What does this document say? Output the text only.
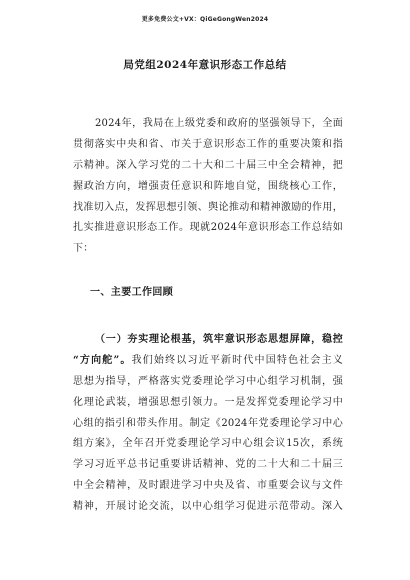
更多免费公文+VX：QiGeGongWen2024
局党组2024年意识形态工作总结
2024年，我局在上级党委和政府的坚强领导下，全面
贯彻落实中央和省、市关于意识形态工作的重要决策和指
示精神。深入学习党的二十大和二十届三中全会精神，把
握政治方向，增强责任意识和阵地自觉，围绕核心工作，
找准切入点，发挥思想引领、舆论推动和精神激励的作用，
扎实推进意识形态工作。现就2024年意识形态工作总结如
下：
一、主要工作回顾
（一）夯实理论根基，筑牢意识形态思想屏障，稳控
“方向舵”。我们始终以习近平新时代中国特色社会主义
思想为指导，严格落实党委理论学习中心组学习机制，强
化理论武装，增强思想引领力。一是发挥党委理论学习中
心组的指引和带头作用。制定《2024年党委理论学习中心
组方案》，全年召开党委理论学习中心组会议15次，系统
学习习近平总书记重要讲话精神、党的二十大和二十届三
中全会精神，及时跟进学习中央及省、市重要会议与文件
精神，开展讨论交流，以中心组学习促进示范带动。深入
